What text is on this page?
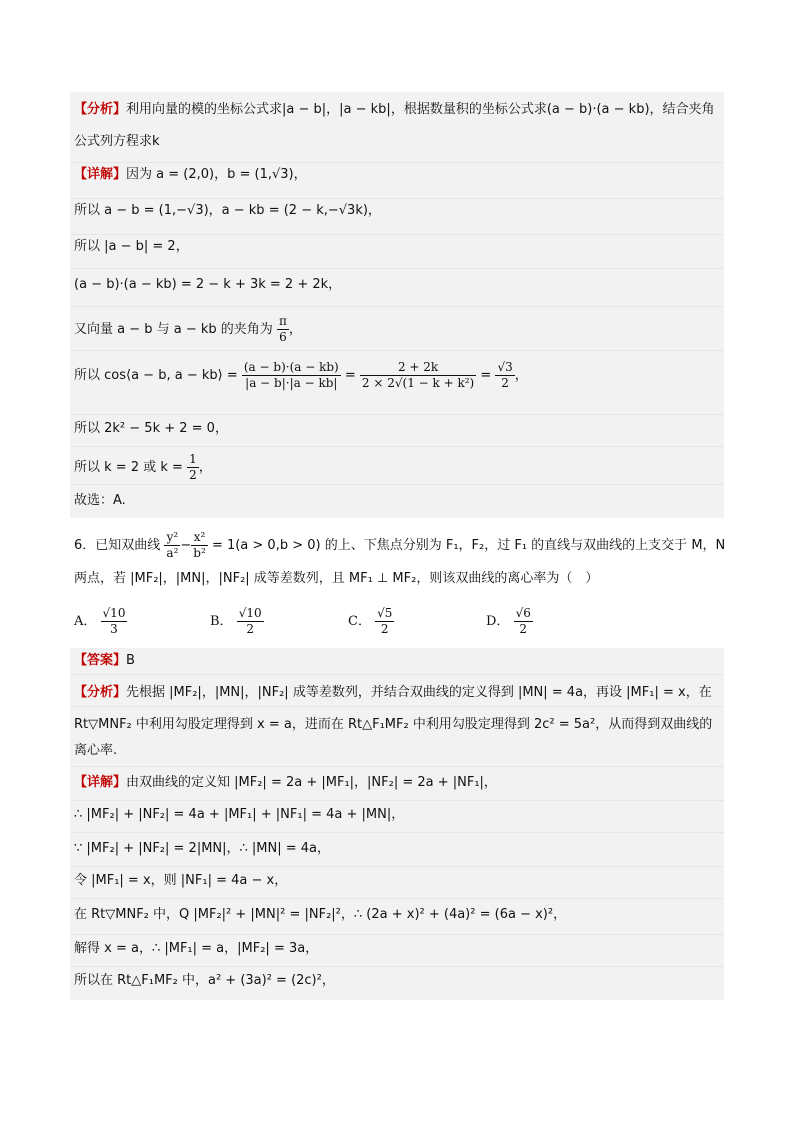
【分析】利用向量的模的坐标公式求|a − b|，|a − kb|，根据数量积的坐标公式求(a − b)·(a − kb)，结合夹角
公式列方程求k
【详解】因为 a = (2,0)，b = (1,√3)，
所以 a − b = (1,−√3)，a − kb = (2 − k,−√3k)，
所以 |a − b| = 2，
(a − b)·(a − kb) = 2 − k + 3k = 2 + 2k，
又向量 a − b 与 a − kb 的夹角为 $\frac{\pi}{6}$ ，
所以 cos⟨a − b, a − kb⟩ = $\frac{(a - b)\cdot(a - kb)}{|a - b|\cdot|a - kb|} = \frac{2 + 2k}{\text{2 × 2√(1 − k + k²)}} = \frac{√3}{2}$ ，
所以 2k² − 5k + 2 = 0，
所以 k = 2 或 $k = \frac{1}{2}$ ，
故选：A.
6．已知双曲线 $\frac{\text{y²}}{\text{a²}} - \frac{\text{x²}}{\text{b²}} = 1(a > 0,b > 0)$ 的上、下焦点分别为 F₁，F₂，过 F₁ 的直线与双曲线的上支交于 M，N
两点，若 |MF₂|，|MN|，|NF₂| 成等差数列，且 MF₁ ⊥ MF₂，则该双曲线的离心率为（　）
A． $\frac{√10}{3}$	B． $\frac{√10}{2}$	C． $\frac{√5}{2}$	D． $\frac{√6}{2}$
【答案】B
【分析】先根据 |MF₂|，|MN|，|NF₂| 成等差数列，并结合双曲线的定义得到 |MN| = 4a，再设 |MF₁| = x，在
Rt▽MNF₂ 中利用勾股定理得到 x = a，进而在 Rt△F₁MF₂ 中利用勾股定理得到 2c² = 5a²，从而得到双曲线的
离心率.
【详解】由双曲线的定义知 |MF₂| = 2a + |MF₁|，|NF₂| = 2a + |NF₁|，
∴ |MF₂| + |NF₂| = 4a + |MF₁| + |NF₁| = 4a + |MN|，
∵ |MF₂| + |NF₂| = 2|MN|，∴ |MN| = 4a，
令 |MF₁| = x，则 |NF₁| = 4a − x，
在 Rt▽MNF₂ 中，Q |MF₂|² + |MN|² = |NF₂|²，∴ (2a + x)² + (4a)² = (6a − x)²，
解得 x = a，∴ |MF₁| = a，|MF₂| = 3a，
所以在 Rt△F₁MF₂ 中，a² + (3a)² = (2c)²，
